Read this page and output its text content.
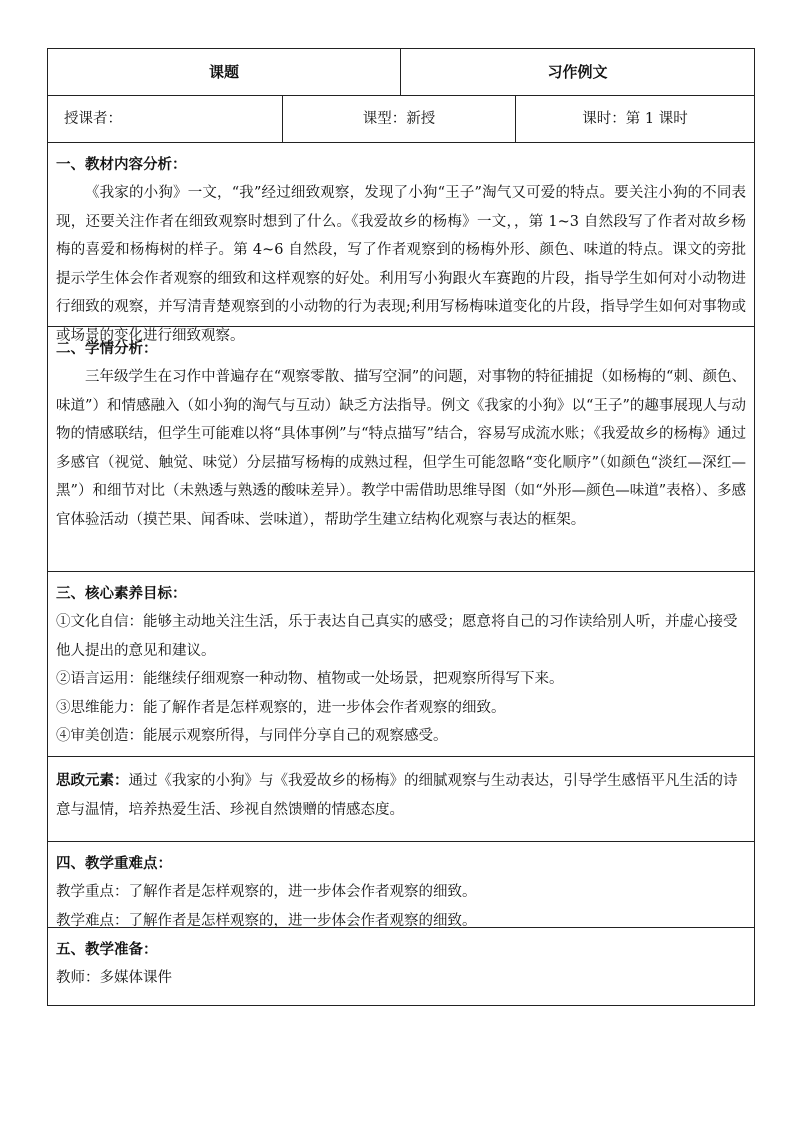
课题		习作例文	
授课者：	课型：新授		课时：第 1 课时

一、教材内容分析：
《我家的小狗》一文，“我”经过细致观察，发现了小狗“王子”淘气又可爱的特点。要关注小狗的不同表现，还要关注作者在细致观察时想到了什么。《我爱故乡的杨梅》一文，，第 1~3 自然段写了作者对故乡杨梅的喜爱和杨梅树的样子。第 4~6 自然段，写了作者观察到的杨梅外形、颜色、味道的特点。课文的旁批提示学生体会作者观察的细致和这样观察的好处。利用写小狗跟火车赛跑的片段，指导学生如何对小动物进行细致的观察，并写清青楚观察到的小动物的行为表现;利用写杨梅味道变化的片段，指导学生如何对事物或或场景的变化进行细致观察。			

二、学情分析：
三年级学生在习作中普遍存在“观察零散、描写空洞”的问题，对事物的特征捕捉（如杨梅的“刺、颜色、味道”）和情感融入（如小狗的淘气与互动）缺乏方法指导。例文《我家的小狗》以“王子”的趣事展现人与动物的情感联结，但学生可能难以将“具体事例”与“特点描写”结合，容易写成流水账；《我爱故乡的杨梅》通过多感官（视觉、触觉、味觉）分层描写杨梅的成熟过程，但学生可能忽略“变化顺序”（如颜色“淡红—深红—黑”）和细节对比（未熟透与熟透的酸味差异）。教学中需借助思维导图（如“外形—颜色—味道”表格）、多感官体验活动（摸芒果、闻香味、尝味道），帮助学生建立结构化观察与表达的框架。			

三、核心素养目标：

①文化自信：能够主动地关注生活，乐于表达自己真实的感受；愿意将自己的习作读给别人听，并虚心接受他人提出的意见和建议。

②语言运用：能继续仔细观察一种动物、植物或一处场景，把观察所得写下来。

③思维能力：能了解作者是怎样观察的，进一步体会作者观察的细致。

④审美创造：能展示观察所得，与同伴分享自己的观察感受。			

思政元素：通过《我家的小狗》与《我爱故乡的杨梅》的细腻观察与生动表达，引导学生感悟平凡生活的诗意与温情，培养热爱生活、珍视自然馈赠的情感态度。			

四、教学重难点：

教学重点：了解作者是怎样观察的，进一步体会作者观察的细致。

教学难点：了解作者是怎样观察的，进一步体会作者观察的细致。			

五、教学准备：

教师：多媒体课件			
